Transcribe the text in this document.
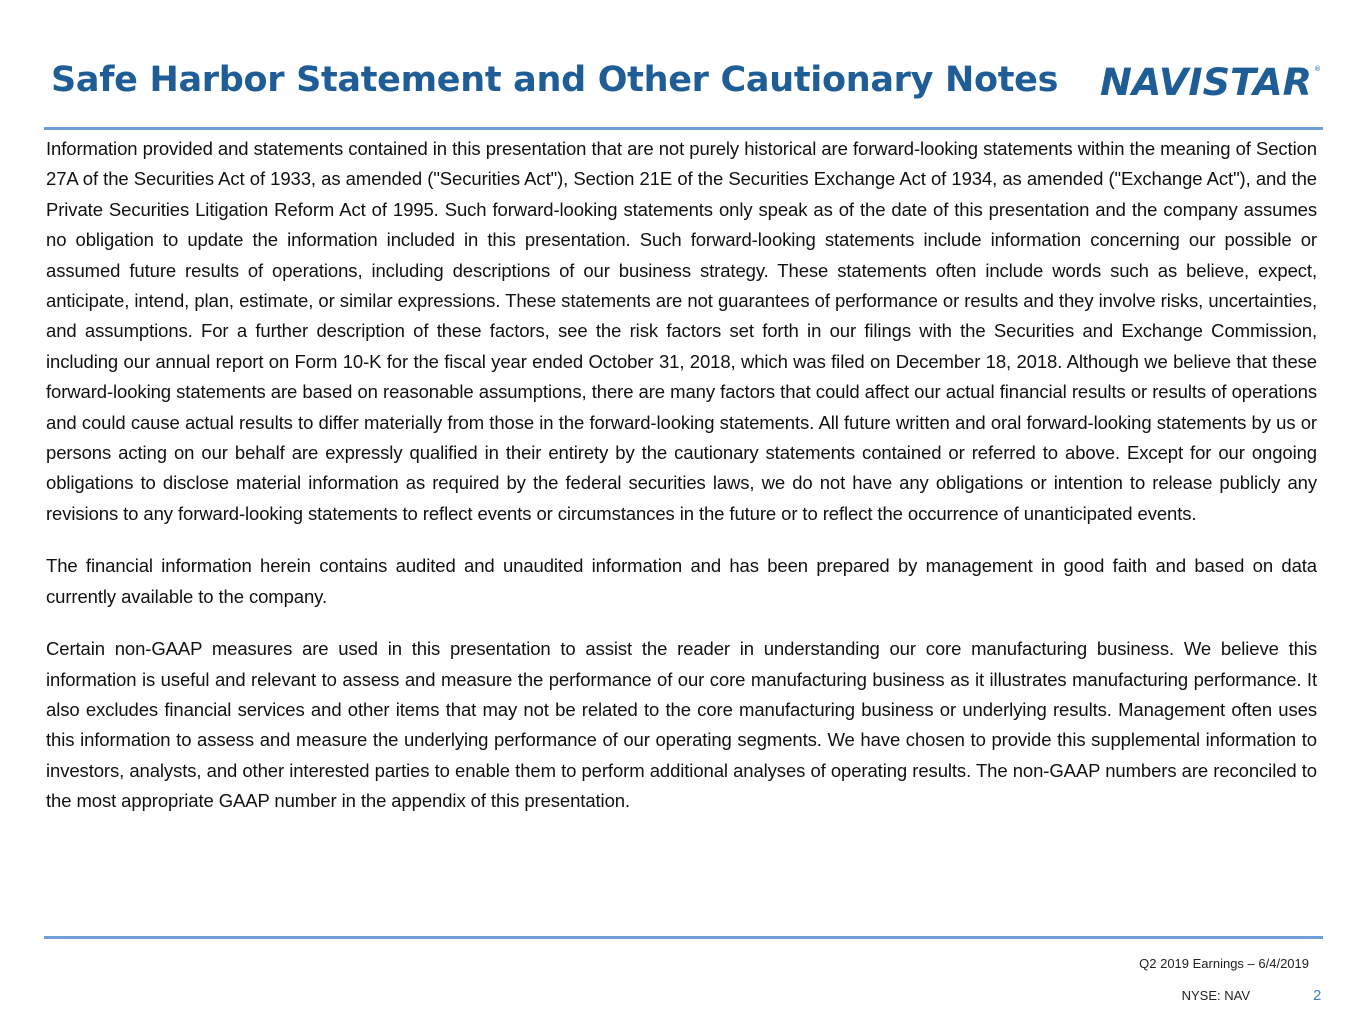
Safe Harbor Statement and Other Cautionary Notes NAVISTAR ®

Information provided and statements contained in this presentation that are not purely historical are forward-looking statements within the meaning of Section 27A of the Securities Act of 1933, as amended ("Securities Act"), Section 21E of the Securities Exchange Act of 1934, as amended ("Exchange Act"), and the Private Securities Litigation Reform Act of 1995. Such forward-looking statements only speak as of the date of this presentation and the company assumes no obligation to update the information included in this presentation. Such forward-looking statements include information concerning our possible or assumed future results of operations, including descriptions of our business strategy. These statements often include words such as believe, expect, anticipate, intend, plan, estimate, or similar expressions. These statements are not guarantees of performance or results and they involve risks, uncertainties, and assumptions. For a further description of these factors, see the risk factors set forth in our filings with the Securities and Exchange Commission, including our annual report on Form 10-K for the fiscal year ended October 31, 2018, which was filed on December 18, 2018. Although we believe that these forward-looking statements are based on reasonable assumptions, there are many factors that could affect our actual financial results or results of operations and could cause actual results to differ materially from those in the forward-looking statements. All future written and oral forward-looking statements by us or persons acting on our behalf are expressly qualified in their entirety by the cautionary statements contained or referred to above. Except for our ongoing obligations to disclose material information as required by the federal securities laws, we do not have any obligations or intention to release publicly any revisions to any forward-looking statements to reflect events or circumstances in the future or to reflect the occurrence of unanticipated events.

The financial information herein contains audited and unaudited information and has been prepared by management in good faith and based on data currently available to the company.

Certain non-GAAP measures are used in this presentation to assist the reader in understanding our core manufacturing business. We believe this information is useful and relevant to assess and measure the performance of our core manufacturing business as it illustrates manufacturing performance. It also excludes financial services and other items that may not be related to the core manufacturing business or underlying results. Management often uses this information to assess and measure the underlying performance of our operating segments. We have chosen to provide this supplemental information to investors, analysts, and other interested parties to enable them to perform additional analyses of operating results. The non-GAAP numbers are reconciled to the most appropriate GAAP number in the appendix of this presentation.

Q2 2019 Earnings – 6/4/2019
NYSE: NAV	2
